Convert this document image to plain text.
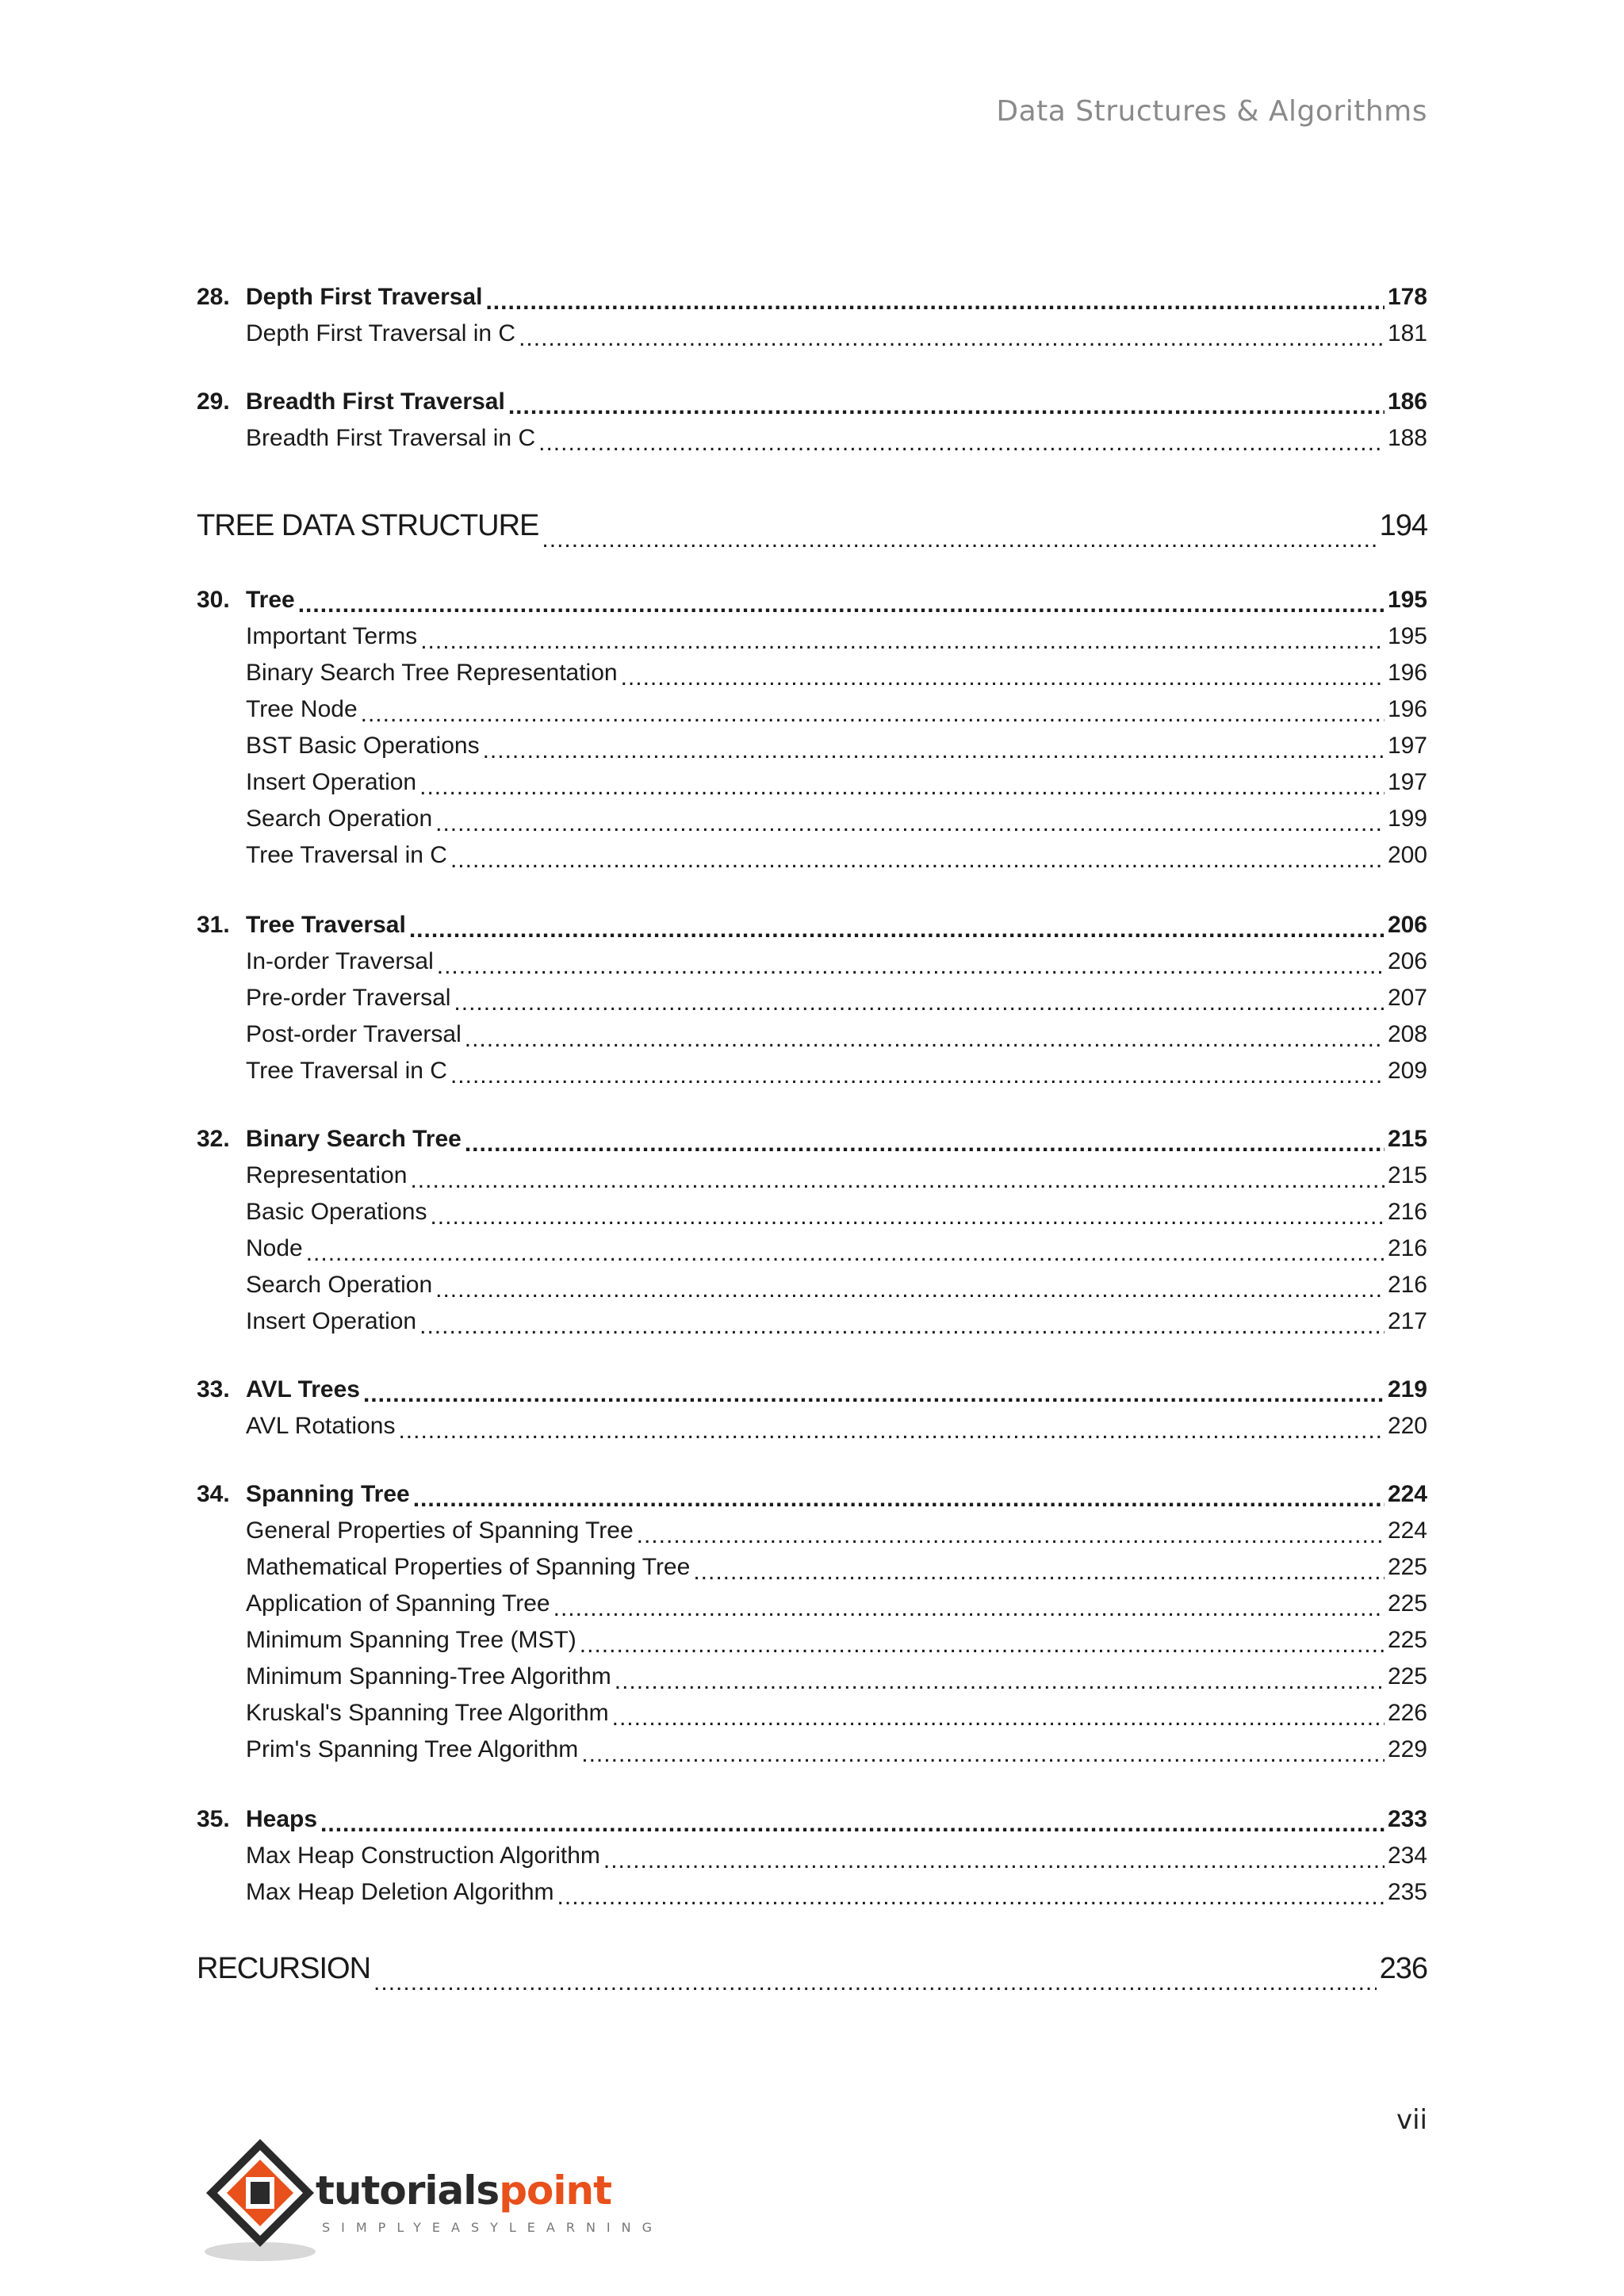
Data Structures & Algorithms
28. Depth First Traversal .....	178
Depth First Traversal in C .....	181
29. Breadth First Traversal .....	186
Breadth First Traversal in C .....	188
TREE DATA STRUCTURE .....	194
30. Tree .....	195
Important Terms .....	195
Binary Search Tree Representation .....	196
Tree Node .....	196
BST Basic Operations .....	197
Insert Operation .....	197
Search Operation .....	199
Tree Traversal in C .....	200
31. Tree Traversal .....	206
In-order Traversal .....	206
Pre-order Traversal .....	207
Post-order Traversal .....	208
Tree Traversal in C .....	209
32. Binary Search Tree .....	215
Representation .....	215
Basic Operations .....	216
Node .....	216
Search Operation .....	216
Insert Operation .....	217
33. AVL Trees .....	219
AVL Rotations .....	220
34. Spanning Tree .....	224
General Properties of Spanning Tree .....	224
Mathematical Properties of Spanning Tree .....	225
Application of Spanning Tree .....	225
Minimum Spanning Tree (MST) .....	225
Minimum Spanning-Tree Algorithm .....	225
Kruskal's Spanning Tree Algorithm .....	226
Prim's Spanning Tree Algorithm .....	229
35. Heaps .....	233
Max Heap Construction Algorithm .....	234
Max Heap Deletion Algorithm .....	235
RECURSION .....	236
vii
tutorialspoint
SIMPLYEASYLEARNING
